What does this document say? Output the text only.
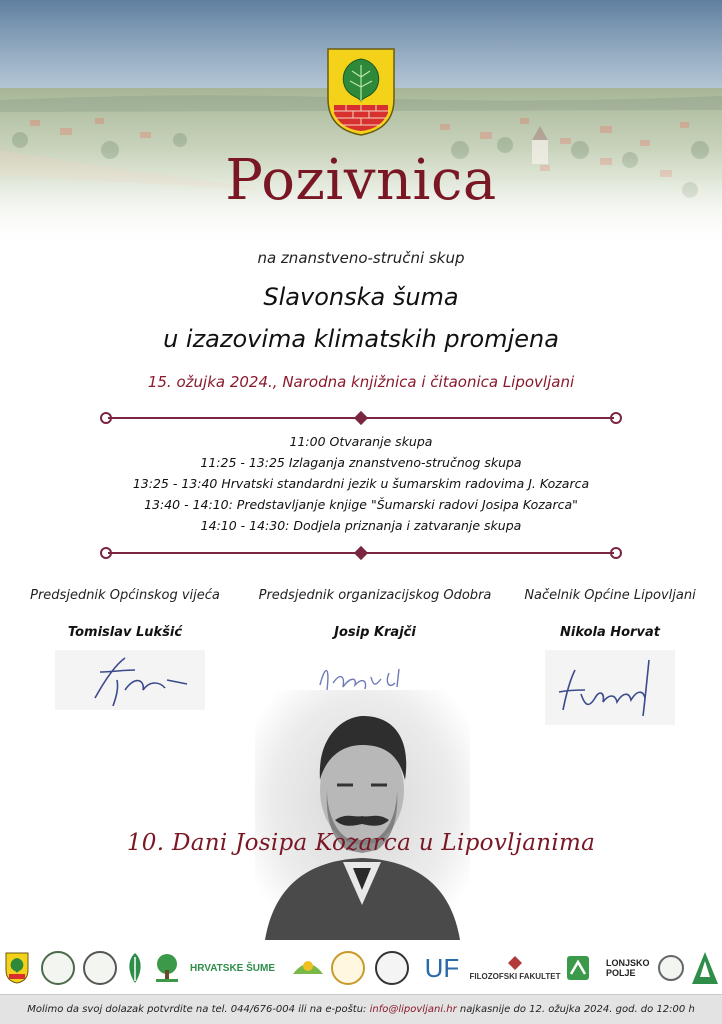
Pozivnica
na znanstveno-stručni skup
Slavonska šuma
u izazovima klimatskih promjena
15. ožujka 2024., Narodna knjižnica i čitaonica Lipovljani
11:00 Otvaranje skupa
11:25 - 13:25 Izlaganja znanstveno-stručnog skupa
13:25 - 13:40 Hrvatski standardni jezik u šumarskim radovima J. Kozarca
13:40 - 14:10: Predstavljanje knjige "Šumarski radovi Josipa Kozarca"
14:10 - 14:30: Dodjela priznanja i zatvaranje skupa
Predsjednik Općinskog vijeća
Tomislav Lukšić
Predsjednik organizacijskog Odobra
Josip Krajči
Načelnik Općine Lipovljani
Nikola Horvat
10. Dani Josipa Kozarca u Lipovljanima
HRVATSKE ŠUME	UF FILOZOFSKI FAKULTET
LONJSKO POLJE
Molimo da svoj dolazak potvrdite na tel. 044/676-004 ili na e-poštu: info@lipovljani.hr najkasnije do 12. ožujka 2024. god. do 12:00 h
